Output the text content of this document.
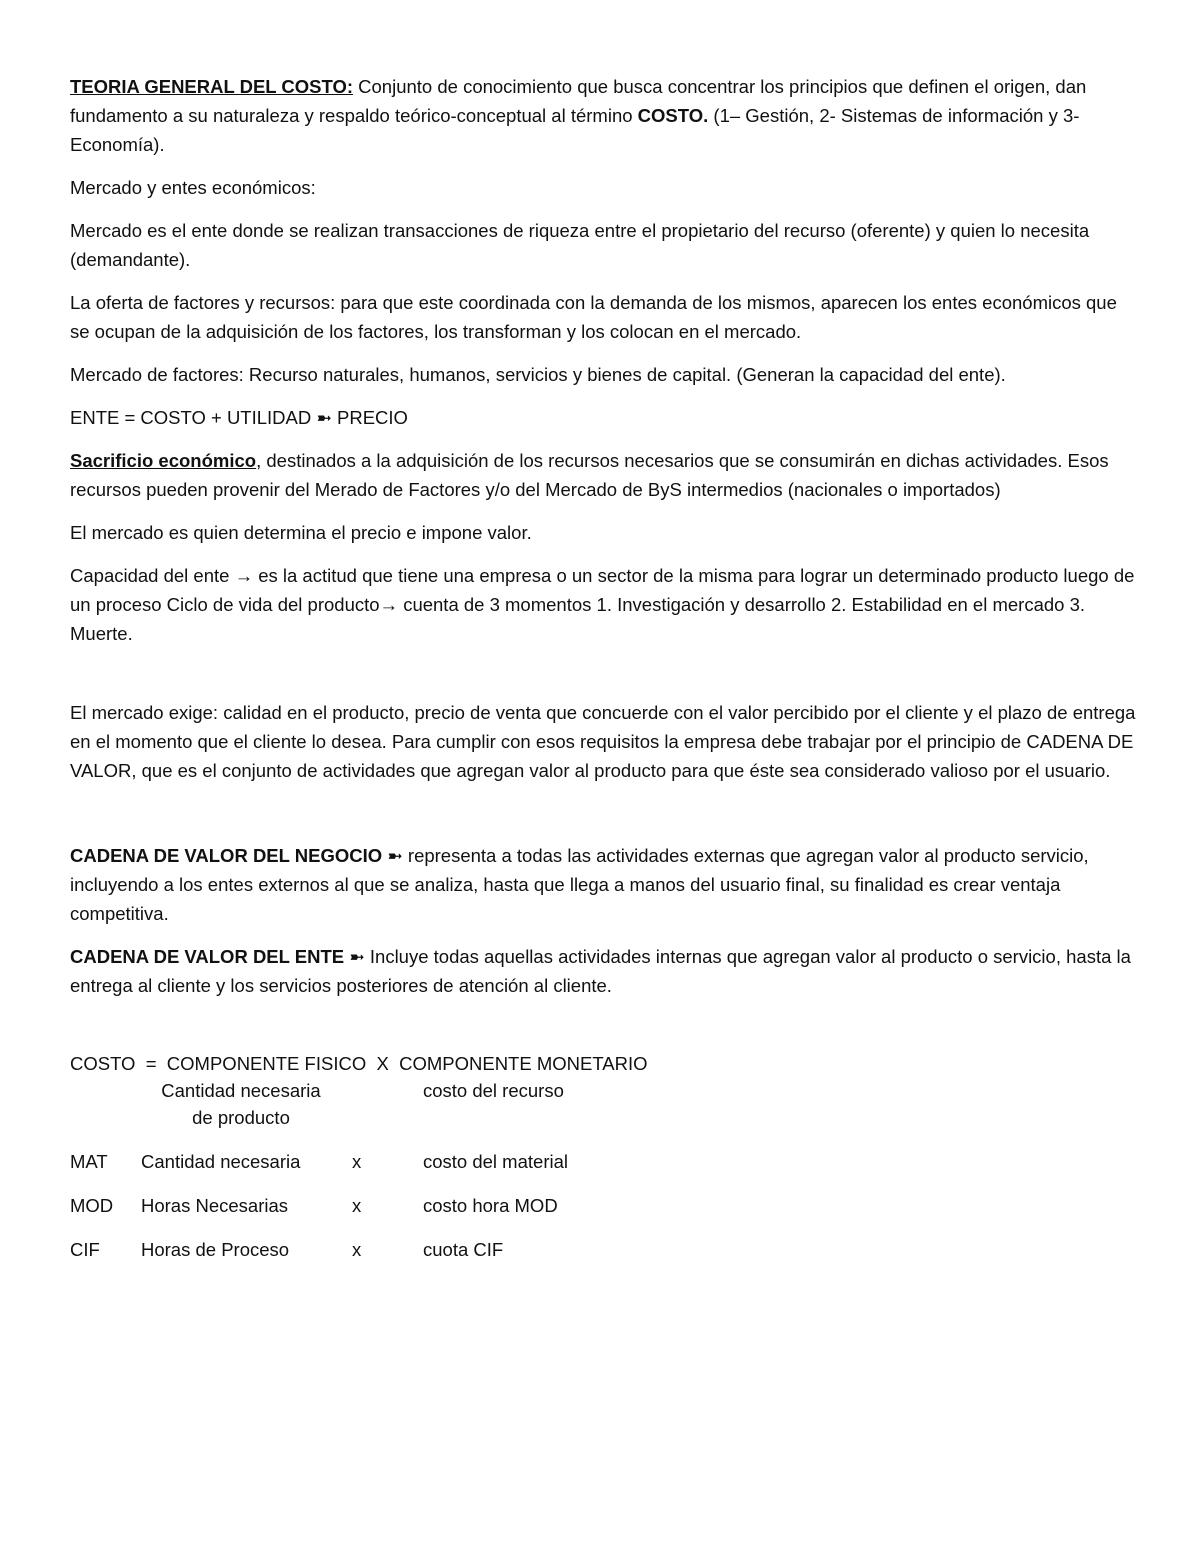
TEORIA GENERAL DEL COSTO: Conjunto de conocimiento que busca concentrar los principios que definen el origen, dan fundamento a su naturaleza y respaldo teórico-conceptual al término COSTO. (1– Gestión, 2- Sistemas de información y 3- Economía).

Mercado y entes económicos:

Mercado es el ente donde se realizan transacciones de riqueza entre el propietario del recurso (oferente) y quien lo necesita (demandante).

La oferta de factores y recursos: para que este coordinada con la demanda de los mismos, aparecen los entes económicos que se ocupan de la adquisición de los factores, los transforman y los colocan en el mercado.

Mercado de factores: Recurso naturales, humanos, servicios y bienes de capital. (Generan la capacidad del ente).

ENTE = COSTO + UTILIDAD ➼ PRECIO

Sacrificio económico, destinados a la adquisición de los recursos necesarios que se consumirán en dichas actividades. Esos recursos pueden provenir del Merado de Factores y/o del Mercado de ByS intermedios (nacionales o importados)

El mercado es quien determina el precio e impone valor.

Capacidad del ente → es la actitud que tiene una empresa o un sector de la misma para lograr un determinado producto luego de un proceso Ciclo de vida del producto→ cuenta de 3 momentos 1. Investigación y desarrollo 2. Estabilidad en el mercado 3. Muerte.

El mercado exige: calidad en el producto, precio de venta que concuerde con el valor percibido por el cliente y el plazo de entrega en el momento que el cliente lo desea. Para cumplir con esos requisitos la empresa debe trabajar por el principio de CADENA DE VALOR, que es el conjunto de actividades que agregan valor al producto para que éste sea considerado valioso por el usuario.

CADENA DE VALOR DEL NEGOCIO ➼ representa a todas las actividades externas que agregan valor al producto servicio, incluyendo a los entes externos al que se analiza, hasta que llega a manos del usuario final, su finalidad es crear ventaja competitiva.

CADENA DE VALOR DEL ENTE ➼ Incluye todas aquellas actividades internas que agregan valor al producto o servicio, hasta la entrega al cliente y los servicios posteriores de atención al cliente.

COSTO  =  COMPONENTE FISICO  X  COMPONENTE MONETARIO
	Cantidad necesaria
de producto		costo del recurso
MAT	Cantidad necesaria	x	costo del material
MOD	Horas Necesarias	x	costo hora MOD
CIF	Horas de Proceso	x	cuota CIF
